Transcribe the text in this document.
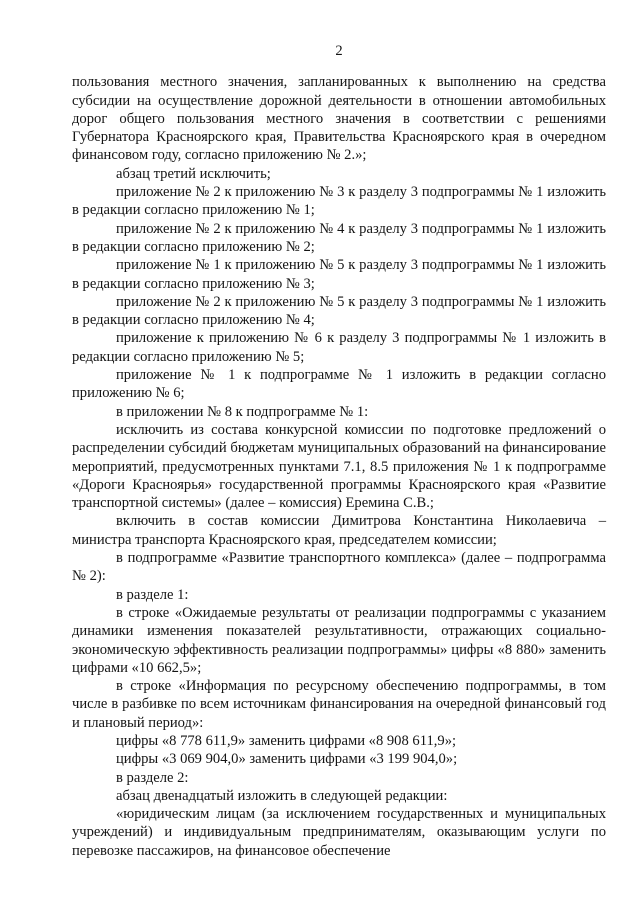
2

пользования местного значения, запланированных к выполнению на средства субсидии на осуществление дорожной деятельности в отношении автомобильных дорог общего пользования местного значения в соответствии с решениями Губернатора Красноярского края, Правительства Красноярского края в очередном финансовом году, согласно приложению № 2.»;

абзац третий исключить;

приложение № 2 к приложению № 3 к разделу 3 подпрограммы № 1 изложить в редакции согласно приложению № 1;

приложение № 2 к приложению № 4 к разделу 3 подпрограммы № 1 изложить в редакции согласно приложению № 2;

приложение № 1 к приложению № 5 к разделу 3 подпрограммы № 1 изложить в редакции согласно приложению № 3;

приложение № 2 к приложению № 5 к разделу 3 подпрограммы № 1 изложить в редакции согласно приложению № 4;

приложение к приложению № 6 к разделу 3 подпрограммы № 1 изложить в редакции согласно приложению № 5;

приложение № 1 к подпрограмме № 1 изложить в редакции согласно приложению № 6;

в приложении № 8 к подпрограмме № 1:

исключить из состава конкурсной комиссии по подготовке предложений о распределении субсидий бюджетам муниципальных образований на финансирование мероприятий, предусмотренных пунктами 7.1, 8.5 приложения № 1 к подпрограмме «Дороги Красноярья» государственной программы Красноярского края «Развитие транспортной системы» (далее – комиссия) Еремина С.В.;

включить в состав комиссии Димитрова Константина Николаевича – министра транспорта Красноярского края, председателем комиссии;

в подпрограмме «Развитие транспортного комплекса» (далее – подпрограмма № 2):

в разделе 1:

в строке «Ожидаемые результаты от реализации подпрограммы с указанием динамики изменения показателей результативности, отражающих социально-экономическую эффективность реализации подпрограммы» цифры «8 880» заменить цифрами «10 662,5»;

в строке «Информация по ресурсному обеспечению подпрограммы, в том числе в разбивке по всем источникам финансирования на очередной финансовый год и плановый период»:

цифры «8 778 611,9» заменить цифрами «8 908 611,9»;

цифры «3 069 904,0» заменить цифрами «3 199 904,0»;

в разделе 2:

абзац двенадцатый изложить в следующей редакции:

«юридическим лицам (за исключением государственных и муниципальных учреждений) и индивидуальным предпринимателям, оказывающим услуги по перевозке пассажиров, на финансовое обеспечение
